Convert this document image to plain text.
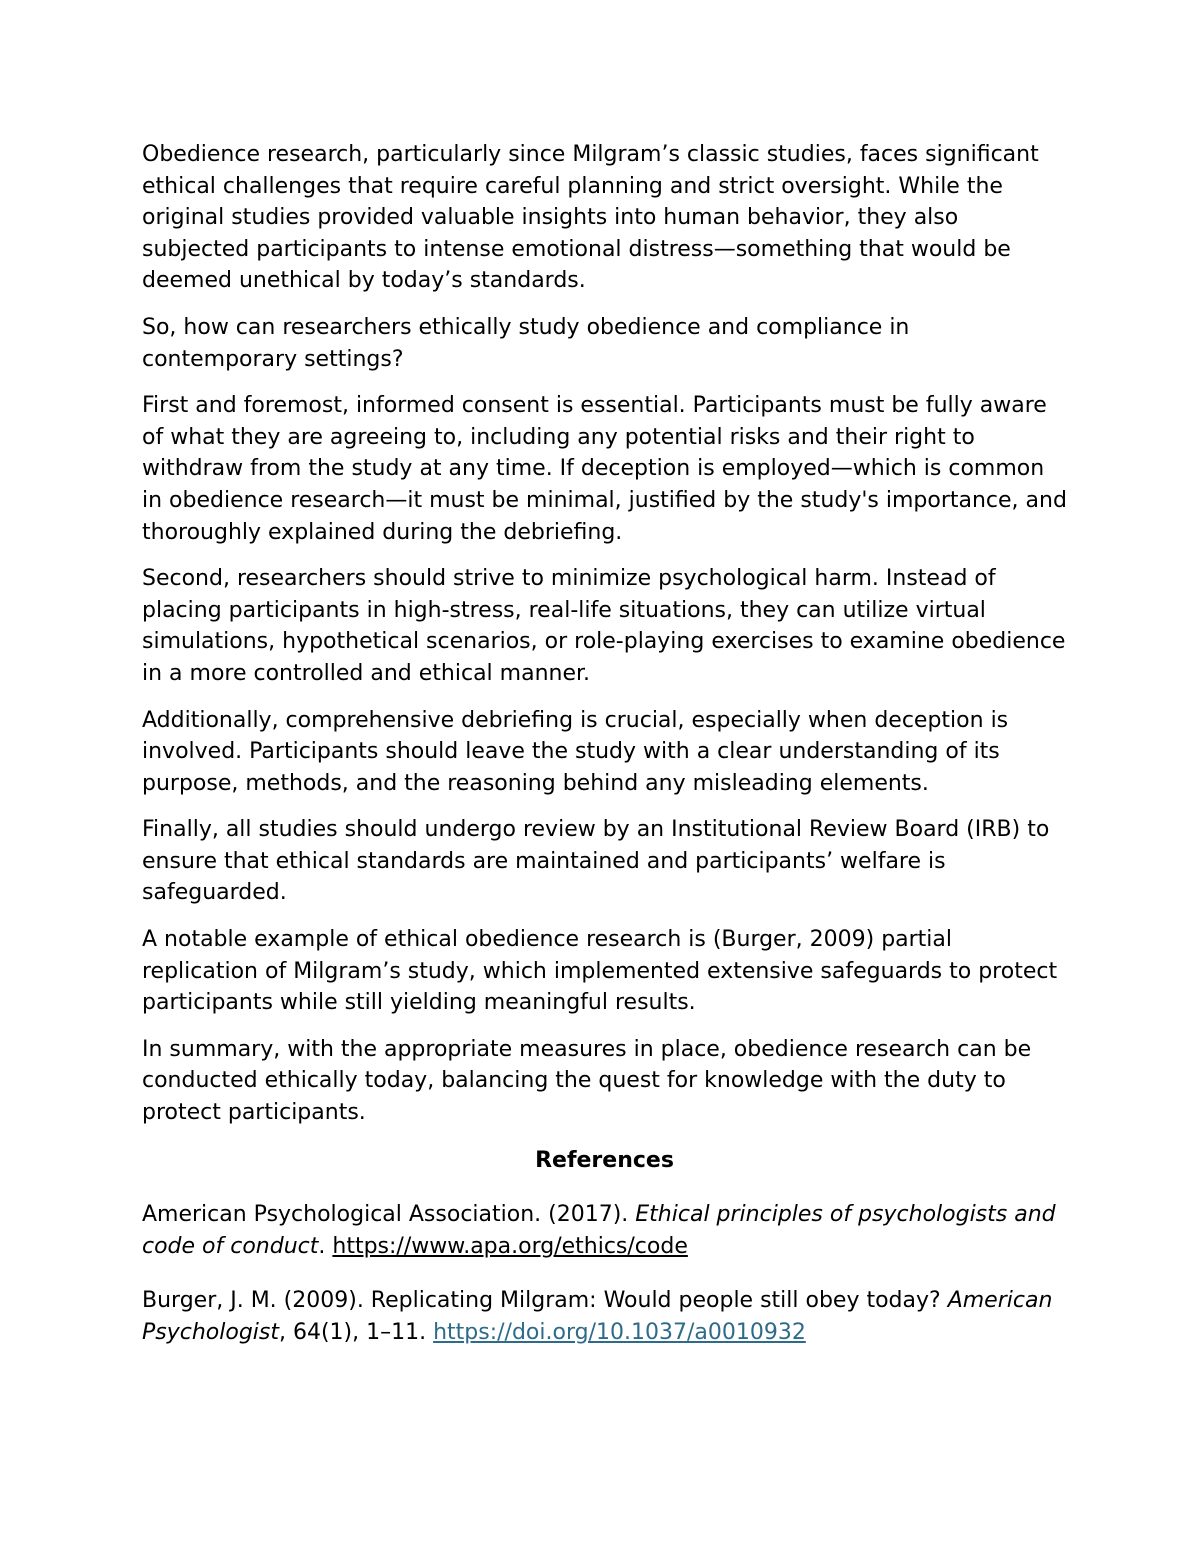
Obedience research, particularly since Milgram’s classic studies, faces significant ethical challenges that require careful planning and strict oversight. While the original studies provided valuable insights into human behavior, they also subjected participants to intense emotional distress—something that would be deemed unethical by today’s standards.

So, how can researchers ethically study obedience and compliance in contemporary settings?

First and foremost, informed consent is essential. Participants must be fully aware of what they are agreeing to, including any potential risks and their right to withdraw from the study at any time. If deception is employed—which is common in obedience research—it must be minimal, justified by the study's importance, and thoroughly explained during the debriefing.

Second, researchers should strive to minimize psychological harm. Instead of placing participants in high-stress, real-life situations, they can utilize virtual simulations, hypothetical scenarios, or role-playing exercises to examine obedience in a more controlled and ethical manner.

Additionally, comprehensive debriefing is crucial, especially when deception is involved. Participants should leave the study with a clear understanding of its purpose, methods, and the reasoning behind any misleading elements.

Finally, all studies should undergo review by an Institutional Review Board (IRB) to ensure that ethical standards are maintained and participants’ welfare is safeguarded.

A notable example of ethical obedience research is (Burger, 2009) partial replication of Milgram’s study, which implemented extensive safeguards to protect participants while still yielding meaningful results.

In summary, with the appropriate measures in place, obedience research can be conducted ethically today, balancing the quest for knowledge with the duty to protect participants.

References

American Psychological Association. (2017). Ethical principles of psychologists and code of conduct. https://www.apa.org/ethics/code

Burger, J. M. (2009). Replicating Milgram: Would people still obey today? American Psychologist, 64(1), 1–11. https://doi.org/10.1037/a0010932
